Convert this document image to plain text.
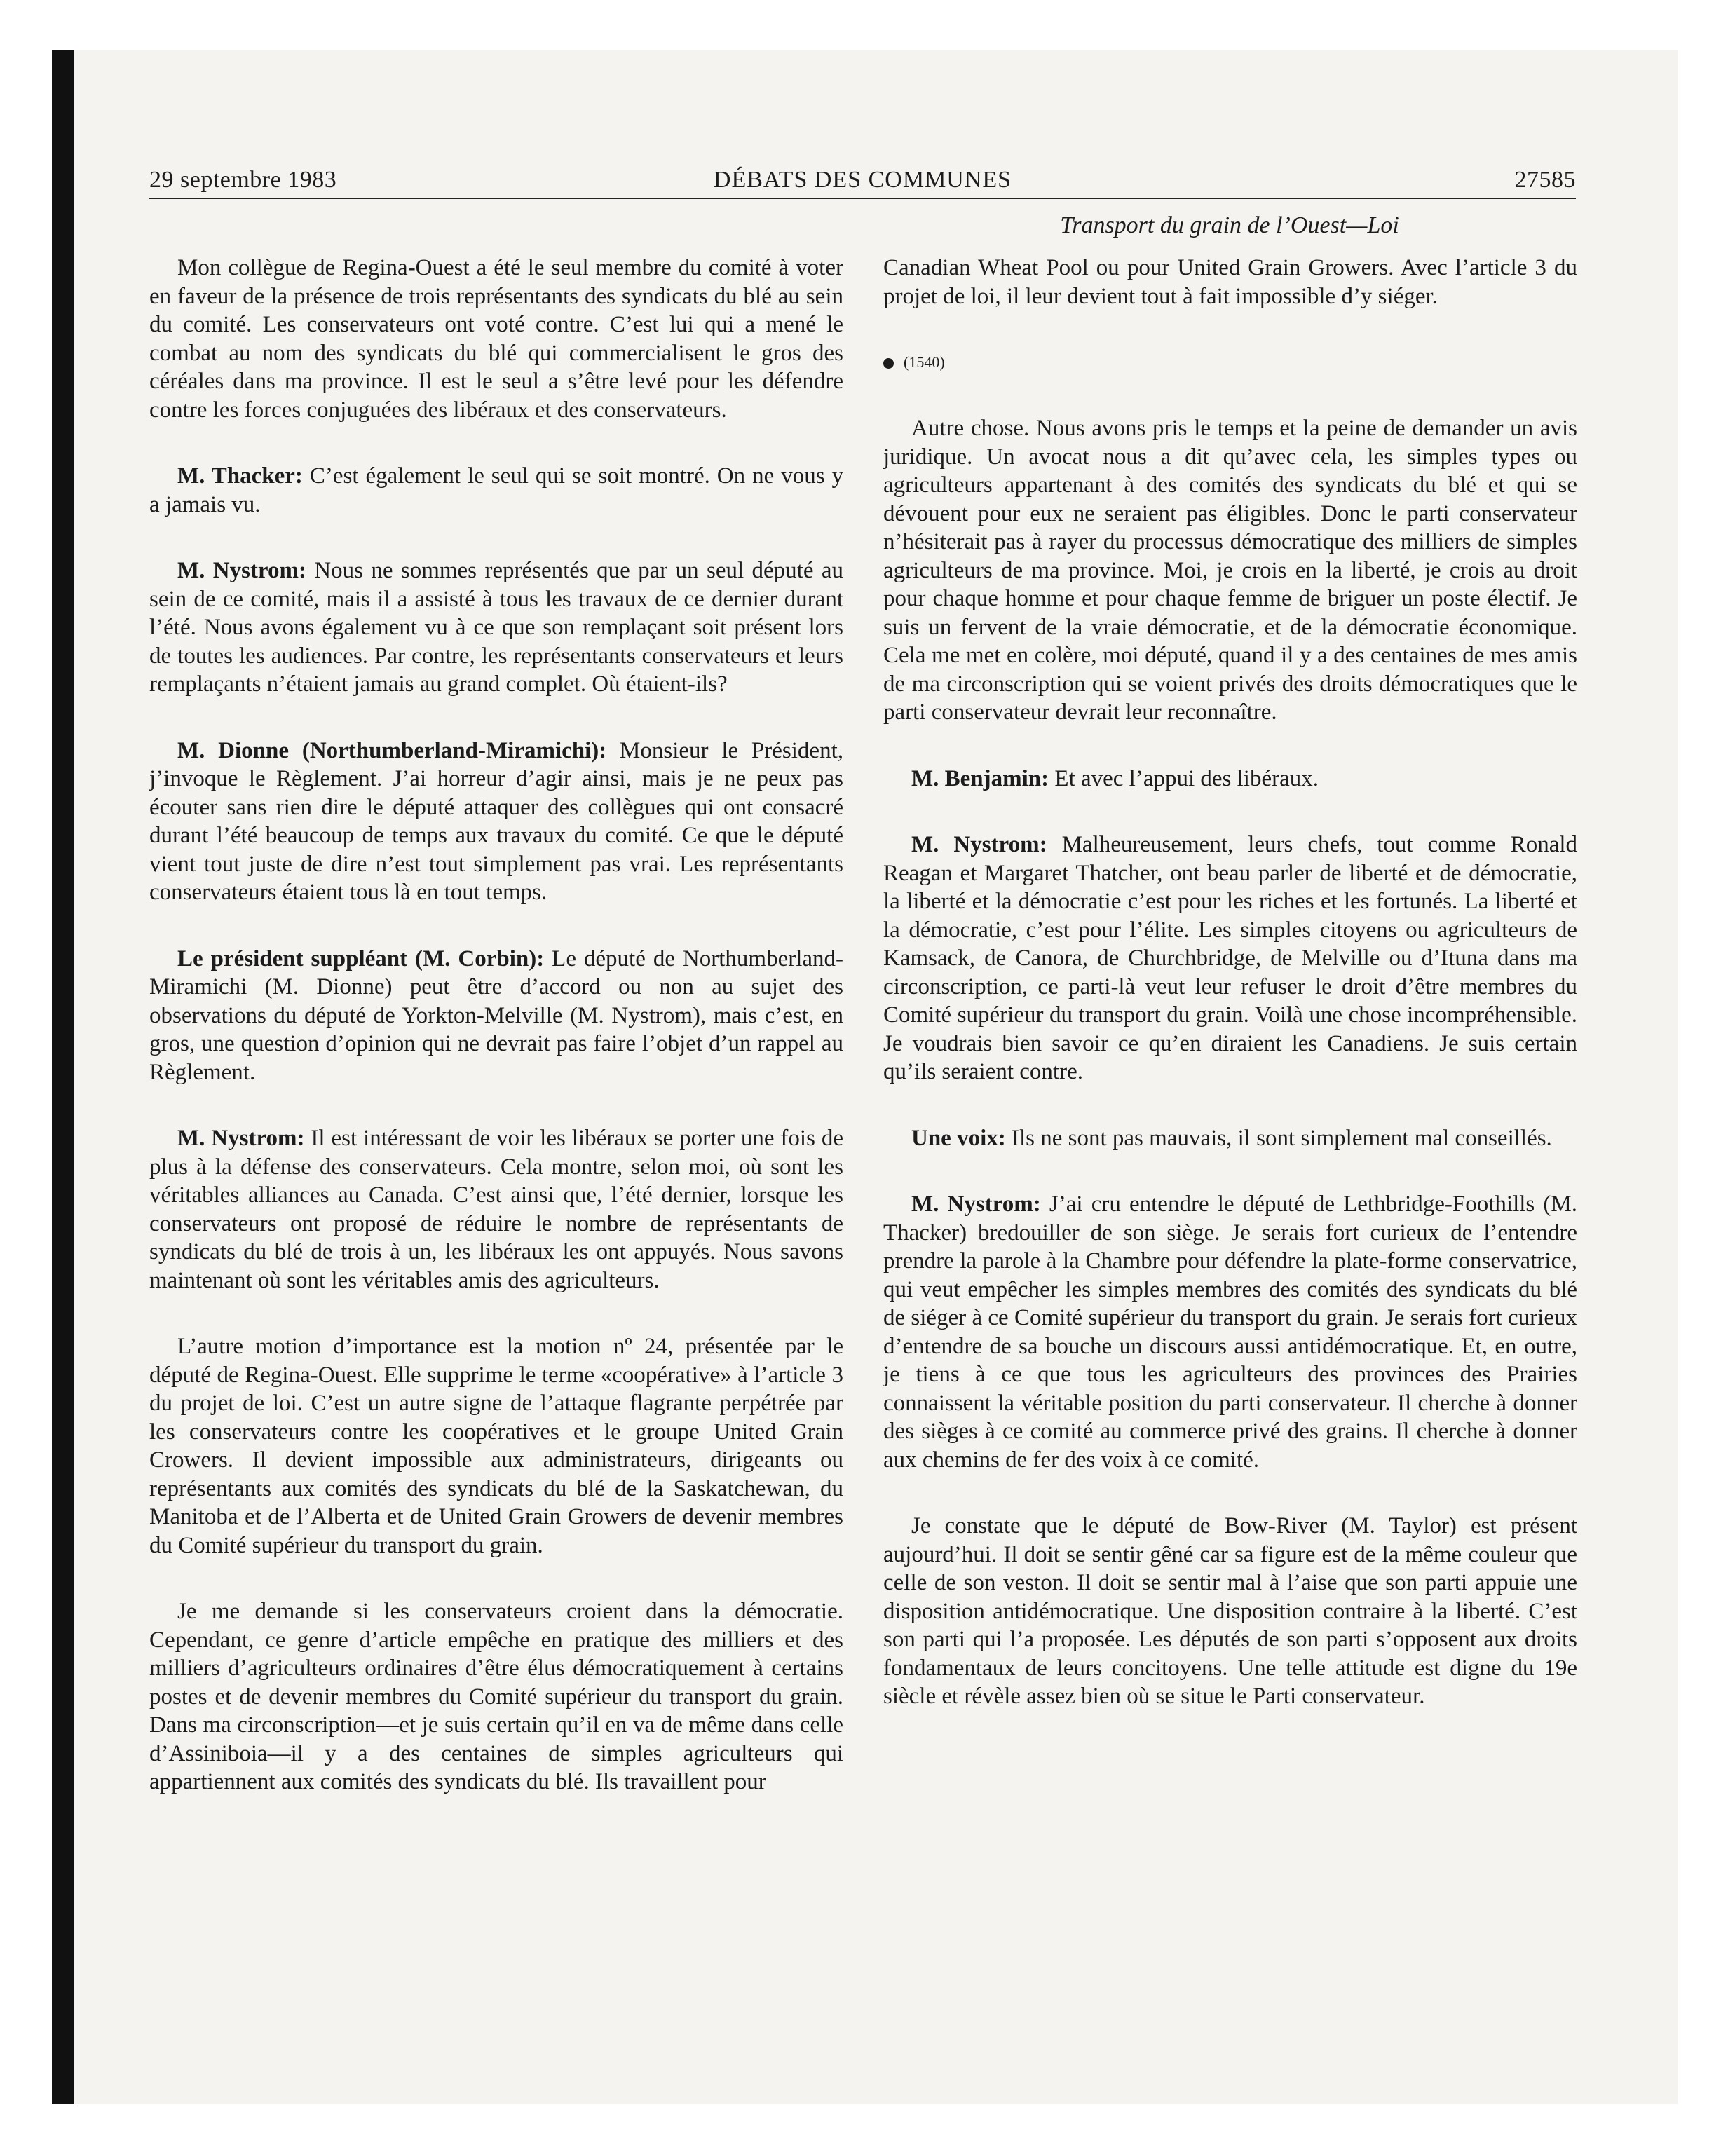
29 septembre 1983	DÉBATS DES COMMUNES	27585
Transport du grain de l’Ouest—Loi

Mon collègue de Regina-Ouest a été le seul membre du comité à voter en faveur de la présence de trois représentants des syndicats du blé au sein du comité. Les conservateurs ont voté contre. C’est lui qui a mené le combat au nom des syndicats du blé qui commercialisent le gros des céréales dans ma province. Il est le seul a s’être levé pour les défendre contre les forces conjuguées des libéraux et des conservateurs.

M. Thacker: C’est également le seul qui se soit montré. On ne vous y a jamais vu.

M. Nystrom: Nous ne sommes représentés que par un seul député au sein de ce comité, mais il a assisté à tous les travaux de ce dernier durant l’été. Nous avons également vu à ce que son remplaçant soit présent lors de toutes les audiences. Par contre, les représentants conservateurs et leurs remplaçants n’étaient jamais au grand complet. Où étaient-ils?

M. Dionne (Northumberland-Miramichi): Monsieur le Président, j’invoque le Règlement. J’ai horreur d’agir ainsi, mais je ne peux pas écouter sans rien dire le député attaquer des collègues qui ont consacré durant l’été beaucoup de temps aux travaux du comité. Ce que le député vient tout juste de dire n’est tout simplement pas vrai. Les représentants conservateurs étaient tous là en tout temps.

Le président suppléant (M. Corbin): Le député de Northumberland-Miramichi (M. Dionne) peut être d’accord ou non au sujet des observations du député de Yorkton-Melville (M. Nystrom), mais c’est, en gros, une question d’opinion qui ne devrait pas faire l’objet d’un rappel au Règlement.

M. Nystrom: Il est intéressant de voir les libéraux se porter une fois de plus à la défense des conservateurs. Cela montre, selon moi, où sont les véritables alliances au Canada. C’est ainsi que, l’été dernier, lorsque les conservateurs ont proposé de réduire le nombre de représentants de syndicats du blé de trois à un, les libéraux les ont appuyés. Nous savons maintenant où sont les véritables amis des agriculteurs.

L’autre motion d’importance est la motion nº 24, présentée par le député de Regina-Ouest. Elle supprime le terme «coopérative» à l’article 3 du projet de loi. C’est un autre signe de l’attaque flagrante perpétrée par les conservateurs contre les coopératives et le groupe United Grain Crowers. Il devient impossible aux administrateurs, dirigeants ou représentants aux comités des syndicats du blé de la Saskatchewan, du Manitoba et de l’Alberta et de United Grain Growers de devenir membres du Comité supérieur du transport du grain.

Je me demande si les conservateurs croient dans la démocratie. Cependant, ce genre d’article empêche en pratique des milliers et des milliers d’agriculteurs ordinaires d’être élus démocratiquement à certains postes et de devenir membres du Comité supérieur du transport du grain. Dans ma circonscription—et je suis certain qu’il en va de même dans celle d’Assiniboia—il y a des centaines de simples agriculteurs qui appartiennent aux comités des syndicats du blé. Ils travaillent pour

Canadian Wheat Pool ou pour United Grain Growers. Avec l’article 3 du projet de loi, il leur devient tout à fait impossible d’y siéger.

(1540)

Autre chose. Nous avons pris le temps et la peine de demander un avis juridique. Un avocat nous a dit qu’avec cela, les simples types ou agriculteurs appartenant à des comités des syndicats du blé et qui se dévouent pour eux ne seraient pas éligibles. Donc le parti conservateur n’hésiterait pas à rayer du processus démocratique des milliers de simples agriculteurs de ma province. Moi, je crois en la liberté, je crois au droit pour chaque homme et pour chaque femme de briguer un poste électif. Je suis un fervent de la vraie démocratie, et de la démocratie économique. Cela me met en colère, moi député, quand il y a des centaines de mes amis de ma circonscription qui se voient privés des droits démocratiques que le parti conservateur devrait leur reconnaître.

M. Benjamin: Et avec l’appui des libéraux.

M. Nystrom: Malheureusement, leurs chefs, tout comme Ronald Reagan et Margaret Thatcher, ont beau parler de liberté et de démocratie, la liberté et la démocratie c’est pour les riches et les fortunés. La liberté et la démocratie, c’est pour l’élite. Les simples citoyens ou agriculteurs de Kamsack, de Canora, de Churchbridge, de Melville ou d’Ituna dans ma circonscription, ce parti-là veut leur refuser le droit d’être membres du Comité supérieur du transport du grain. Voilà une chose incompréhensible. Je voudrais bien savoir ce qu’en diraient les Canadiens. Je suis certain qu’ils seraient contre.

Une voix: Ils ne sont pas mauvais, il sont simplement mal conseillés.

M. Nystrom: J’ai cru entendre le député de Lethbridge-Foothills (M. Thacker) bredouiller de son siège. Je serais fort curieux de l’entendre prendre la parole à la Chambre pour défendre la plate-forme conservatrice, qui veut empêcher les simples membres des comités des syndicats du blé de siéger à ce Comité supérieur du transport du grain. Je serais fort curieux d’entendre de sa bouche un discours aussi antidémocratique. Et, en outre, je tiens à ce que tous les agriculteurs des provinces des Prairies connaissent la véritable position du parti conservateur. Il cherche à donner des sièges à ce comité au commerce privé des grains. Il cherche à donner aux chemins de fer des voix à ce comité.

Je constate que le député de Bow-River (M. Taylor) est présent aujourd’hui. Il doit se sentir gêné car sa figure est de la même couleur que celle de son veston. Il doit se sentir mal à l’aise que son parti appuie une disposition antidémocratique. Une disposition contraire à la liberté. C’est son parti qui l’a proposée. Les députés de son parti s’opposent aux droits fondamentaux de leurs concitoyens. Une telle attitude est digne du 19e siècle et révèle assez bien où se situe le Parti conservateur.
